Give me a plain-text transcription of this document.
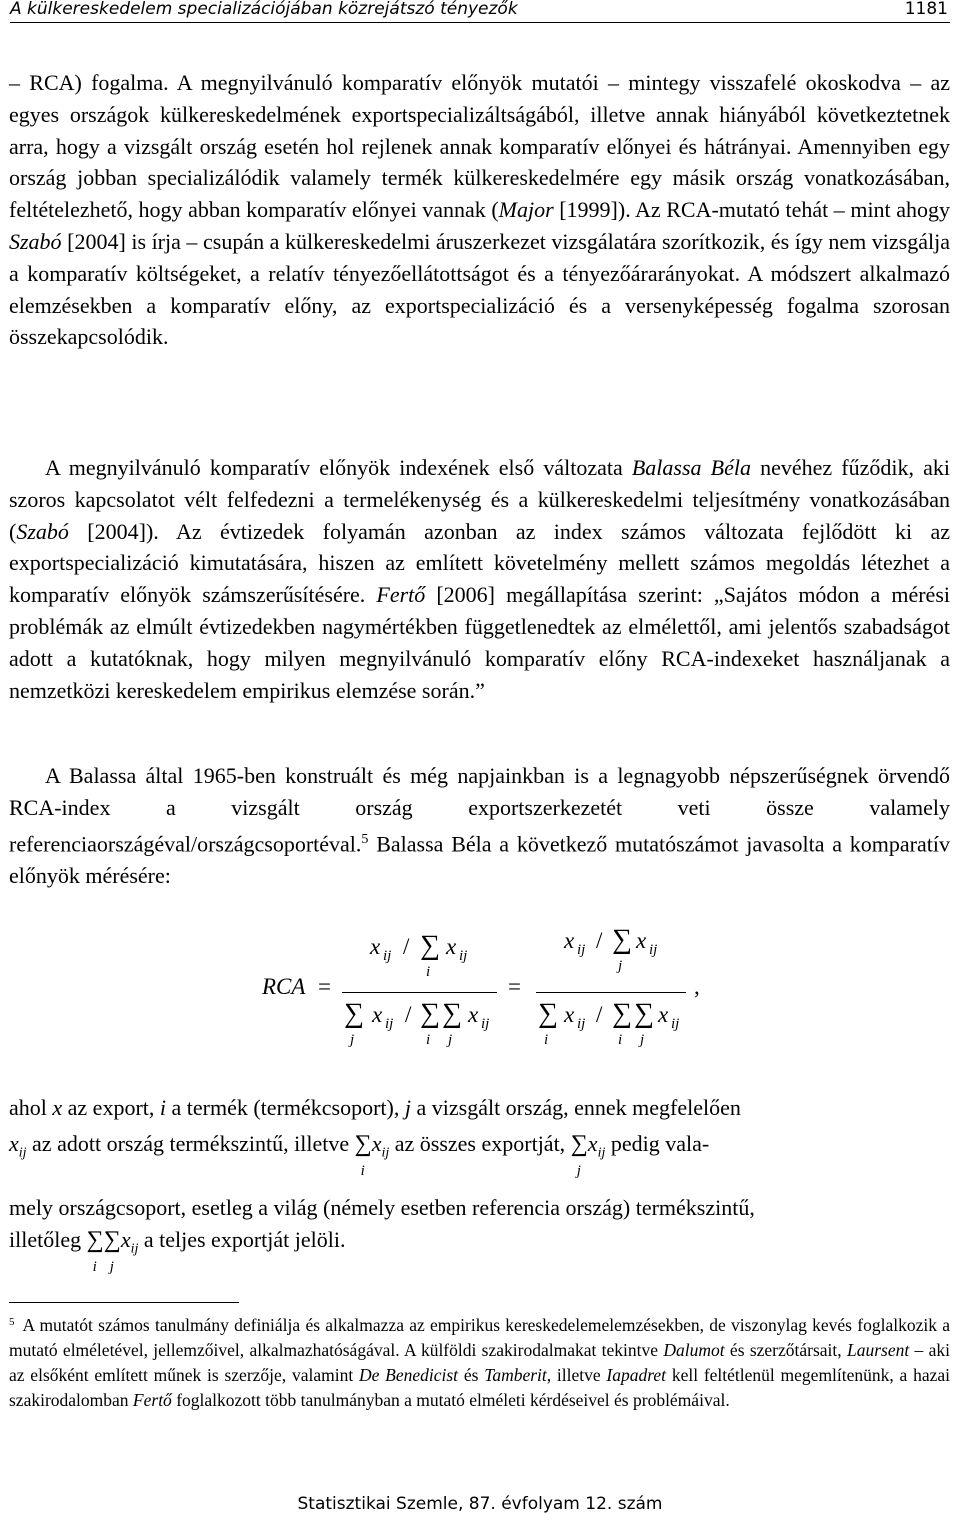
A külkereskedelem specializációjában közrejátszó tényezők	1181

– RCA) fogalma. A megnyilvánuló komparatív előnyök mutatói – mintegy visszafelé okoskodva – az egyes országok külkereskedelmének exportspecializáltságából, illetve annak hiányából következtetnek arra, hogy a vizsgált ország esetén hol rejlenek annak komparatív előnyei és hátrányai. Amennyiben egy ország jobban specializálódik valamely termék külkereskedelmére egy másik ország vonatkozásában, feltételezhető, hogy abban komparatív előnyei vannak (Major [1999]). Az RCA-mutató tehát – mint ahogy Szabó [2004] is írja – csupán a külkereskedelmi áruszerkezet vizsgálatára szorítkozik, és így nem vizsgálja a komparatív költségeket, a relatív tényezőellátottságot és a tényezőárarányokat. A módszert alkalmazó elemzésekben a komparatív előny, az exportspecializáció és a versenyképesség fogalma szorosan összekapcsolódik.

A megnyilvánuló komparatív előnyök indexének első változata Balassa Béla nevéhez fűződik, aki szoros kapcsolatot vélt felfedezni a termelékenység és a külkereskedelmi teljesítmény vonatkozásában (Szabó [2004]). Az évtizedek folyamán azonban az index számos változata fejlődött ki az exportspecializáció kimutatására, hiszen az említett követelmény mellett számos megoldás létezhet a komparatív előnyök számszerűsítésére. Fertő [2006] megállapítása szerint: „Sajátos módon a mérési problémák az elmúlt évtizedekben nagymértékben függetlenedtek az elmélettől, ami jelentős szabadságot adott a kutatóknak, hogy milyen megnyilvánuló komparatív előny RCA-indexeket használjanak a nemzetközi kereskedelem empirikus elemzése során.”

A Balassa által 1965-ben konstruált és még napjainkban is a legnagyobb népszerűségnek örvendő RCA-index a vizsgált ország exportszerkezetét veti össze valamely referenciaországéval/országcsoportéval.$^5$ Balassa Béla a következő mutatószámot javasolta a komparatív előnyök mérésére:

RCA =
x ij / ∑
i
x ij
∑
j
x ij / ∑
i
∑
j
x ij
=
x ij / ∑
j
x ij
∑
i
x ij / ∑
i
∑
j
x ij
,
ahol x az export, i a termék (termékcsoport), j a vizsgált ország, ennek megfelelően
$x_{ij}$ az adott ország termékszintű, illetve ∑
i
$x_{ij}$ az összes exportját, ∑
j
$x_{ij}$ pedig vala-
mely országcsoport, esetleg a világ (némely esetben referencia ország) termékszintű,
illetőleg ∑
i
∑
j
$x_{ij}$ a teljes exportját jelöli.
$^5$ A mutatót számos tanulmány definiálja és alkalmazza az empirikus kereskedelemelemzésekben, de viszonylag kevés foglalkozik a mutató elméletével, jellemzőivel, alkalmazhatóságával. A külföldi szakirodalmakat tekintve Dalumot és szerzőtársait, Laursent – aki az elsőként említett műnek is szerzője, valamint De Benedicist és Tamberit, illetve Iapadret kell feltétlenül megemlítenünk, a hazai szakirodalomban Fertő foglalkozott több tanulmányban a mutató elméleti kérdéseivel és problémáival.
Statisztikai Szemle, 87. évfolyam 12. szám
